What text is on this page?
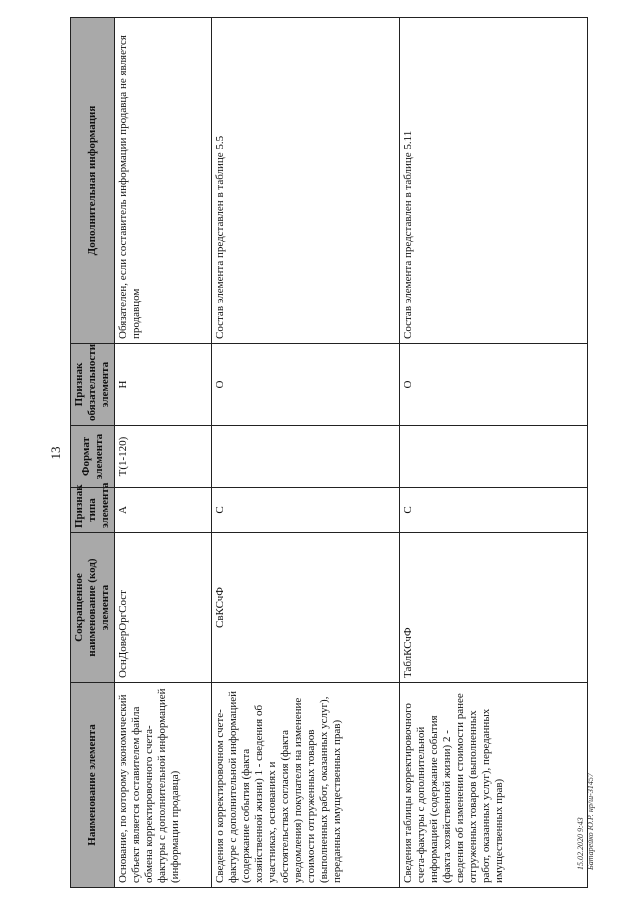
13
15.02.2020 9:43 Батарейко Ю.Р. нр/ш-31457
Наименование элемента	Сокращенное наименование (код) элемента	Признак типа элемента	Формат элемента	Признак обязательности элемента	Дополнительная информация
Основание, по которому экономический субъект является составителем файла обмена корректировочного счета-фактуры с дополнительной информацией (информации продавца)	ОснДоверОргСост	А	Т(1-120)	Н	Обязателен, если составитель информации продавца не является продавцом
Сведения о корректировочном счете-фактуре с дополнительной информацией (содержание события (факта хозяйственной жизни) 1 - сведения об участниках, основаниях и обстоятельствах согласия (факта уведомления) покупателя на изменение стоимости отгруженных товаров (выполненных работ, оказанных услуг), переданных имущественных прав)	СвКСчФ	С		О	Состав элемента представлен в таблице 5.5
Сведения таблицы корректировочного счета-фактуры с дополнительной информацией (содержание события (факта хозяйственной жизни) 2 - сведения об изменении стоимости ранее отгруженных товаров (выполненных работ, оказанных услуг), переданных имущественных прав)	ТаблКСчФ	С		О	Состав элемента представлен в таблице 5.11
